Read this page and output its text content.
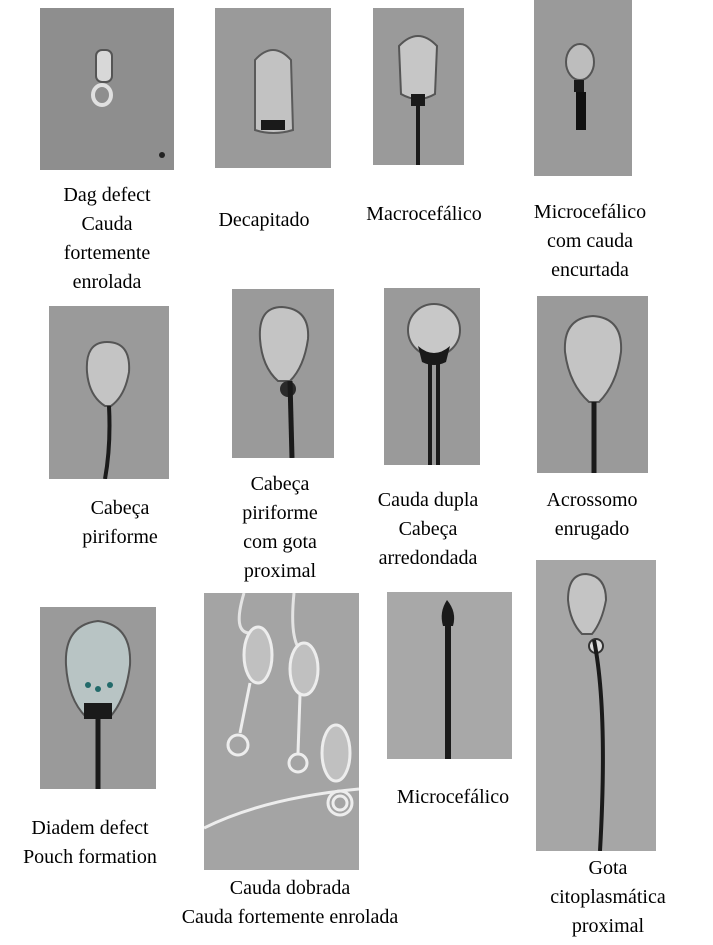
Dag defect
Cauda
fortemente
enrolada
Decapitado	Macrocefálico	Microcefálico
com cauda
encurtada
Cabeça
piriforme
Cabeça
piriforme
com gota
proximal
Cauda dupla
Cabeça
arredondada
Acrossomo
enrugado
Diadem defect
Pouch formation
Cauda dobrada
Cauda fortemente enrolada
Microcefálico
Gota
citoplasmática
proximal
